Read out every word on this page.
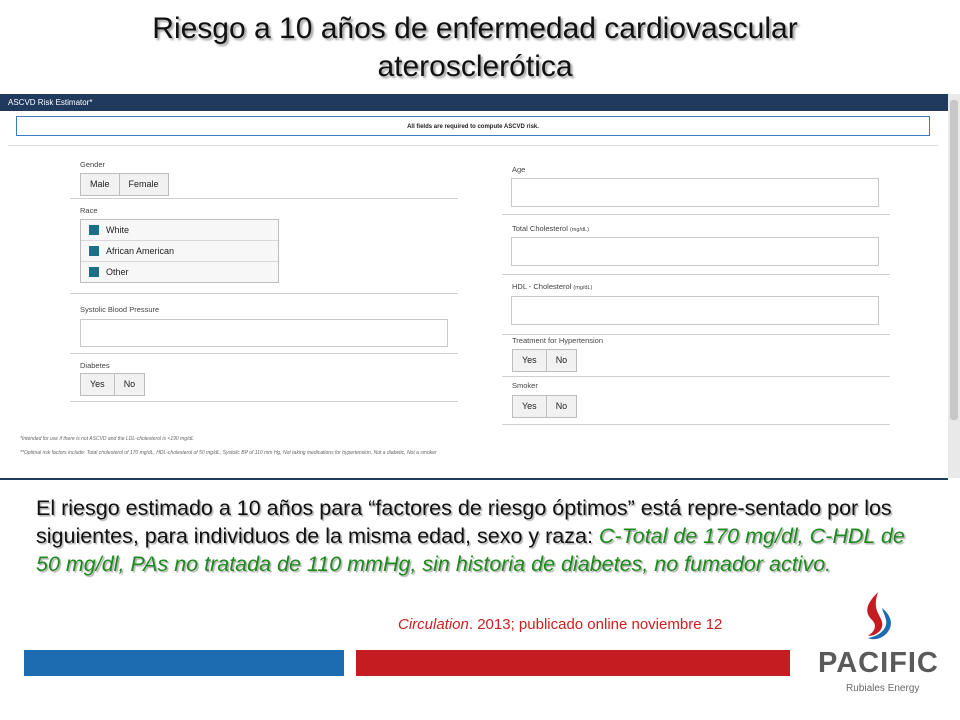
Riesgo a 10 años de enfermedad cardiovascular aterosclerótica
ASCVD Risk Estimator*
All fields are required to compute ASCVD risk.
Gender
Male	Female
Race
White
African American
Other
Systolic Blood Pressure
Diabetes
Yes	No
Age
Total Cholesterol (mg/dL)
HDL - Cholesterol (mg/dL)
Treatment for Hypertension
Yes	No
Smoker
Yes	No
*Intended for use if there is not ASCVD and the LDL-cholesterol is <190 mg/dL
**Optimal risk factors include: Total cholesterol of 170 mg/dL, HDL-cholesterol of 50 mg/dL, Systolic BP of 110 mm Hg, Not taking medications for hypertension, Not a diabetic, Not a smoker

El riesgo estimado a 10 años para “factores de riesgo óptimos” está repre-sentado por los siguientes, para individuos de la misma edad, sexo y raza: C-Total de 170 mg/dl, C-HDL de 50 mg/dl, PAs no tratada de 110 mmHg, sin historia de diabetes, no fumador activo.

Circulation. 2013; publicado online noviembre 12
PACIFIC
Rubiales Energy
